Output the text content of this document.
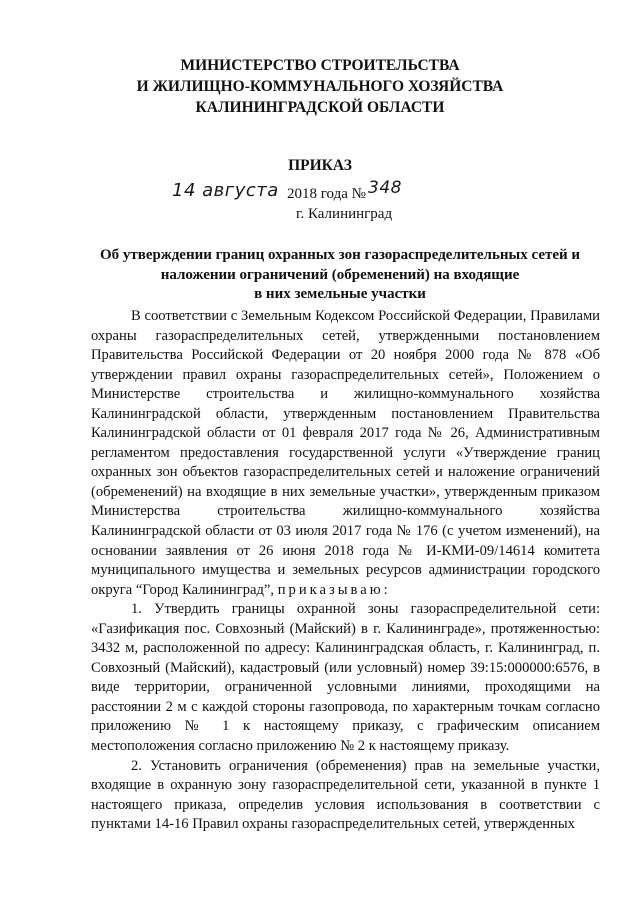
МИНИСТЕРСТВО СТРОИТЕЛЬСТВА
И ЖИЛИЩНО-КОММУНАЛЬНОГО ХОЗЯЙСТВА
КАЛИНИНГРАДСКОЙ ОБЛАСТИ
ПРИКАЗ
14 августа 2018 года № 348
г. Калининград
Об утверждении границ охранных зон газораспределительных сетей и
наложении ограничений (обременений) на входящие
в них земельные участки

В соответствии с Земельным Кодексом Российской Федерации, Правилами охраны газораспределительных сетей, утвержденными постановлением Правительства Российской Федерации от 20 ноября 2000 года № 878 «Об утверждении правил охраны газораспределительных сетей», Положением о Министерстве строительства и жилищно-коммунального хозяйства Калининградской области, утвержденным постановлением Правительства Калининградской области от 01 февраля 2017 года № 26, Административным регламентом предоставления государственной услуги «Утверждение границ охранных зон объектов газораспределительных сетей и наложение ограничений (обременений) на входящие в них земельные участки», утвержденным приказом Министерства строительства жилищно-коммунального хозяйства Калининградской области от 03 июля 2017 года № 176 (с учетом изменений), на основании заявления от 26 июня 2018 года № И-КМИ-09/14614 комитета муниципального имущества и земельных ресурсов администрации городского округа “Город Калининград”, приказываю:

1. Утвердить границы охранной зоны газораспределительной сети: «Газификация пос. Совхозный (Майский) в г. Калининграде», протяженностью: 3432 м, расположенной по адресу: Калининградская область, г. Калининград, п. Совхозный (Майский), кадастровый (или условный) номер 39:15:000000:6576, в виде территории, ограниченной условными линиями, проходящими на расстоянии 2 м с каждой стороны газопровода, по характерным точкам согласно приложению № 1 к настоящему приказу, с графическим описанием местоположения согласно приложению № 2 к настоящему приказу.

2. Установить ограничения (обременения) прав на земельные участки, входящие в охранную зону газораспределительной сети, указанной в пункте 1 настоящего приказа, определив условия использования в соответствии с пунктами 14-16 Правил охраны газораспределительных сетей, утвержденных
